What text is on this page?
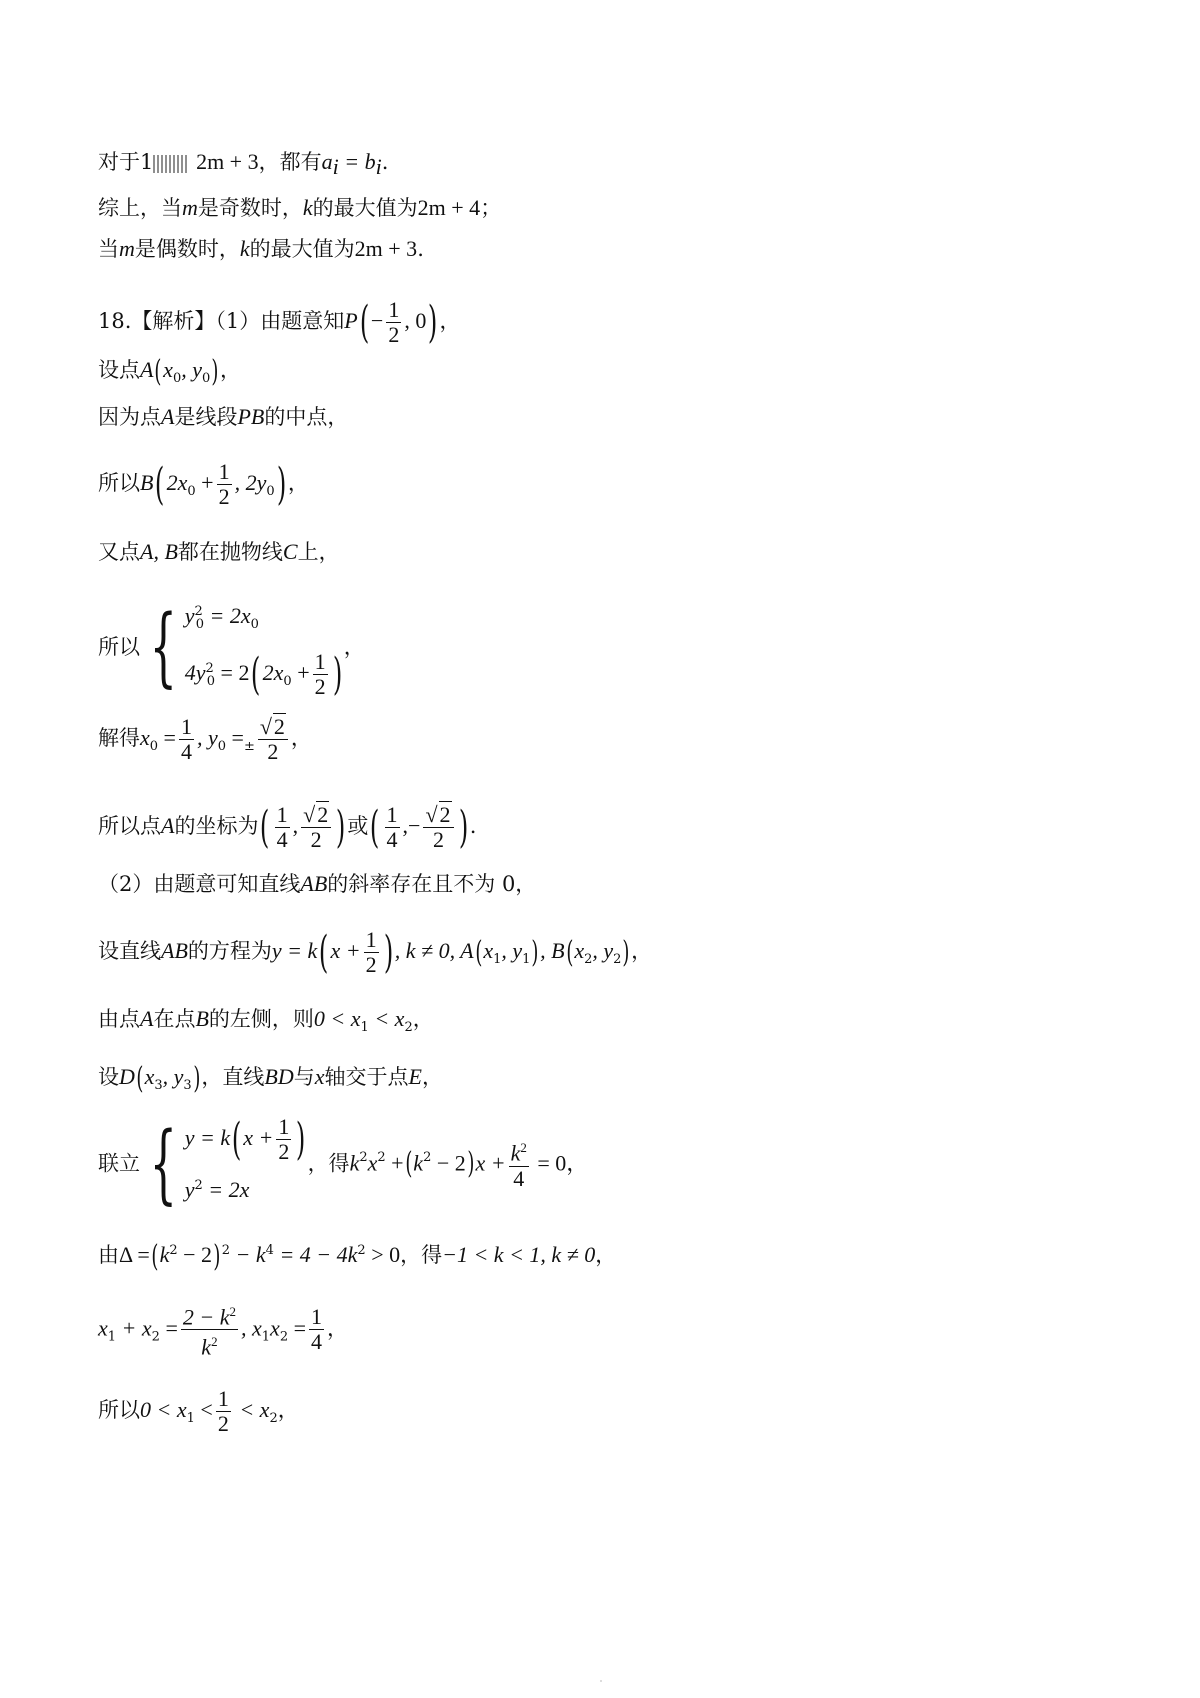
对于1 2m + 3，都有$a_i = b_i$.
综上，当m是奇数时，k的最大值为2m + 4；
当m是偶数时，k的最大值为2m + 3.
18.【解析】（1）由题意知$P(- \frac{1}{2}$ , 0)，
设点$A(x_0$, $y_0$)，
因为点A是线段PB的中点，
所以$B(2x_0 + \frac{1}{2}$ , $2y_0$)，
又点A, B都在抛物线C上，
所以 { $y^2_0 = 2x_0$
$4y^2_0 = 2(2x_0 + \frac{1}{2}$ )
，
解得$x_0 = \frac{1}{4}$ , $y_0 =_\pm \frac{√2}{2}$ ，
所以点A的坐标为( $\frac{1}{4}$ , $\frac{√2}{2}$ )或( $\frac{1}{4}$ ,− $\frac{√2}{2}$ ).
（2）由题意可知直线AB的斜率存在且不为 0，
设直线AB的方程为$y = k(x + \frac{1}{2}$ ), k ≠ 0, $A(x_1$, $y_1$), $B(x_2$, $y_2$)，
由点A在点B的左侧，则$0 < x_1 < x_2$，
设$D(x_3$, $y_3$)，直线BD与x轴交于点E，
联立 { $y = k(x + \frac{1}{2}$ )
$y^2 = 2x$
，得$k^2x^2 +(k^2 - 2)x + \frac{k^2}{4} = 0$，
由$\Delta =(k^2 - 2)^2 - k^4 = 4 - 4k^2 > 0$，得−1 < k < 1, k ≠ 0，
$x_1 + x_2 = \frac{2 - k^2}{k^2}$ , $x_1x_2 = \frac{1}{4}$ ，
所以$0 < x_1 < \frac{1}{2} < x_2$，
